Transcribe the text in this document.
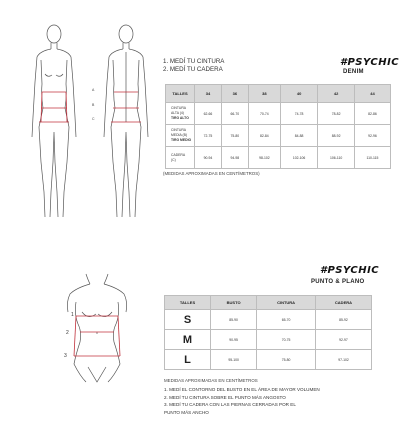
A
B
C
1. MEDÍ TU CINTURA
2. MEDÍ TU CADERA
#PSYCHIC
DENIM
TALLES	34	36	38	40	42	44

CINTURA
ALTA (4)
TIRO ALTO	62-66	66-70	70-74	74-78	78-82	82-86

CINTURA
MEDIA (B)
TIRO MEDIO	72-75	75-80	82-84	84-88	88-92	92-96

CADERA
(C)	90-94	94-98	98-102	102-106	106-110	110-115
(MEDIDAS APROXIMADAS EN CENTÍMETROS)
1
2
3
#PSYCHIC
PUNTO & PLANO
TALLES	BUSTO	CINTURA	CADERA
S	85-90	65-70	85-92
M	90-95	70-75	92-97
L	95-100	75-80	97-102
MEDIDAS APROXIMADAS EN CENTÍMETROS
1. MEDÍ EL CONTORNO DEL BUSTO EN EL ÁREA DE MAYOR VOLUMEN
2. MEDÍ TU CINTURA SOBRE EL PUNTO MÁS ANGOSTO
3. MEDÍ TU CADERA CON LAS PIERNAS CERRADAS POR EL
PUNTO MÁS ANCHO
